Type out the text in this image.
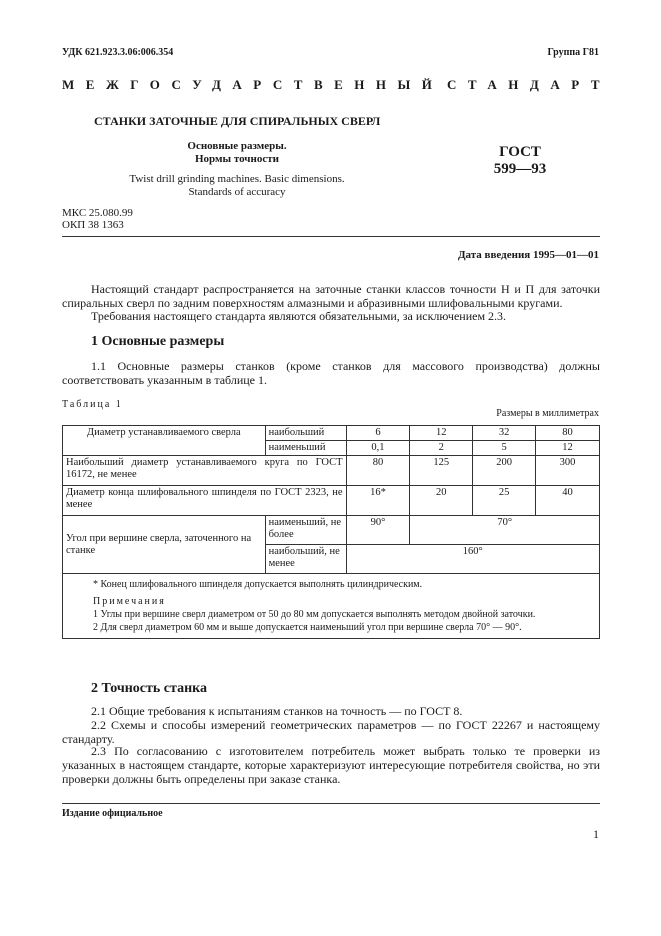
УДК 621.923.3.06:006.354	Группа Г81
МЕЖГОСУДАРСТВЕННЫЙ СТАНДАРТ
СТАНКИ ЗАТОЧНЫЕ ДЛЯ СПИРАЛЬНЫХ СВЕРЛ
Основные размеры.
Нормы точности
Twist drill grinding machines. Basic dimensions.
Standards of accuracy
ГОСТ
599—93
МКС 25.080.99
ОКП 38 1363
Дата введения 1995—01—01
Настоящий стандарт распространяется на заточные станки классов точности Н и П для заточки спиральных сверл по задним поверхностям алмазными и абразивными шлифовальными кругами.
Требования настоящего стандарта являются обязательными, за исключением 2.3.
1 Основные размеры
1.1 Основные размеры станков (кроме станков для массового производства) должны соответствовать указанным в таблице 1.
Таблица 1
Размеры в миллиметрах
Диаметр устанавливаемого сверла	наибольший	6	12	32	80
	наименьший	0,1	2	5	12
Наибольший диаметр устанавливаемого круга по ГОСТ 16172, не менее		80	125	200	300
Диаметр конца шлифовального шпинделя по ГОСТ 2323, не менее		16*	20	25	40
Угол при вершине сверла, заточенного на станке	наименьший, не более	90°	70°		
	наибольший, не менее	160°			

* Конец шлифовального шпинделя допускается выполнять цилиндрическим.
Примечания
1 Углы при вершине сверл диаметром от 50 до 80 мм допускается выполнять методом двойной заточки.
2 Для сверл диаметром 60 мм и выше допускается наименьший угол при вершине сверла 70° — 90°.					
2 Точность станка
2.1 Общие требования к испытаниям станков на точность — по ГОСТ 8.
2.2 Схемы и способы измерений геометрических параметров — по ГОСТ 22267 и настоящему стандарту.
2.3 По согласованию с изготовителем потребитель может выбрать только те проверки из указанных в настоящем стандарте, которые характеризуют интересующие потребителя свойства, но эти проверки должны быть определены при заказе станка.
Издание официальное
1
